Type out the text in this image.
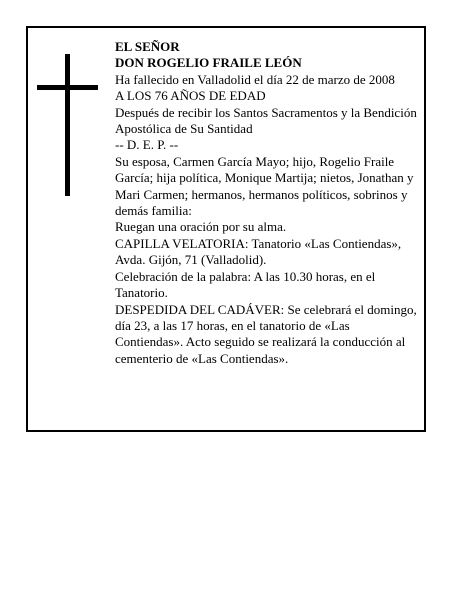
EL SEÑOR

DON ROGELIO FRAILE LEÓN

Ha fallecido en Valladolid el día 22 de marzo de 2008

A LOS 76 AÑOS DE EDAD

Después de recibir los Santos Sacramentos y la Bendición Apostólica de Su Santidad

-- D. E. P. --

Su esposa, Carmen García Mayo; hijo, Rogelio Fraile García; hija política, Monique Martija; nietos, Jonathan y Mari Carmen; hermanos, hermanos políticos, sobrinos y demás familia:

Ruegan una oración por su alma.

CAPILLA VELATORIA: Tanatorio «Las Contiendas», Avda. Gijón, 71 (Valladolid).

Celebración de la palabra: A las 10.30 horas, en el Tanatorio.

DESPEDIDA DEL CADÁVER: Se celebrará el domingo, día 23, a las 17 horas, en el tanatorio de «Las Contiendas». Acto seguido se realizará la conducción al cementerio de «Las Contiendas».
